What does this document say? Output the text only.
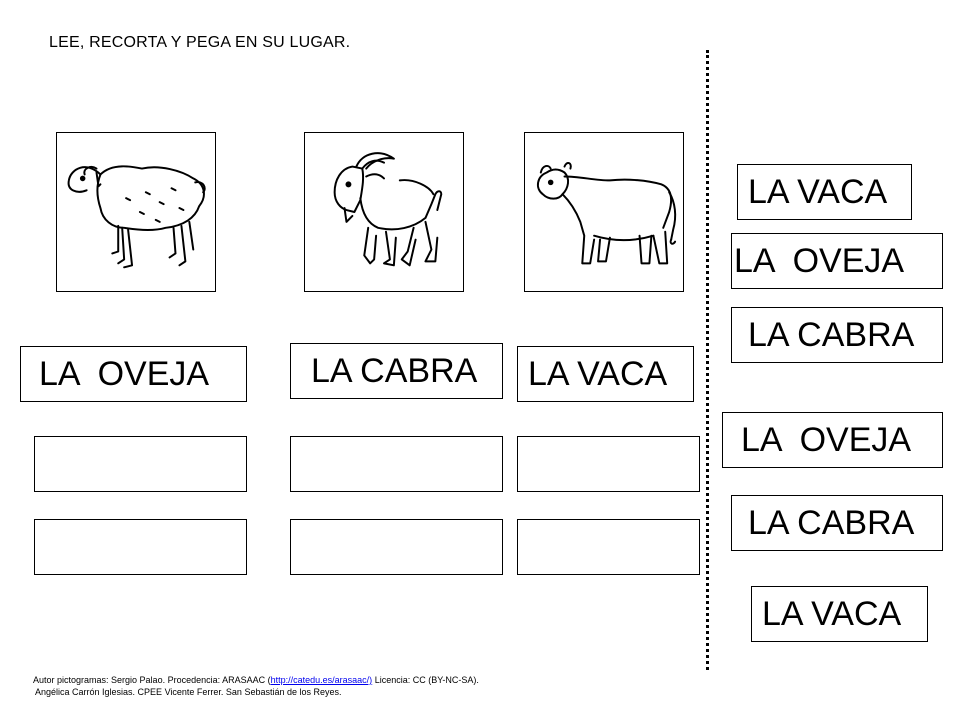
LEE, RECORTA Y PEGA EN SU LUGAR.
LA  OVEJA	LA CABRA	LA VACA
LA VACA
LA  OVEJA
LA CABRA
LA  OVEJA
LA CABRA
LA VACA
Autor pictogramas: Sergio Palao. Procedencia: ARASAAC (http://catedu.es/arasaac/) Licencia: CC (BY-NC-SA).
Angélica Carrón Iglesias. CPEE Vicente Ferrer. San Sebastián de los Reyes.
